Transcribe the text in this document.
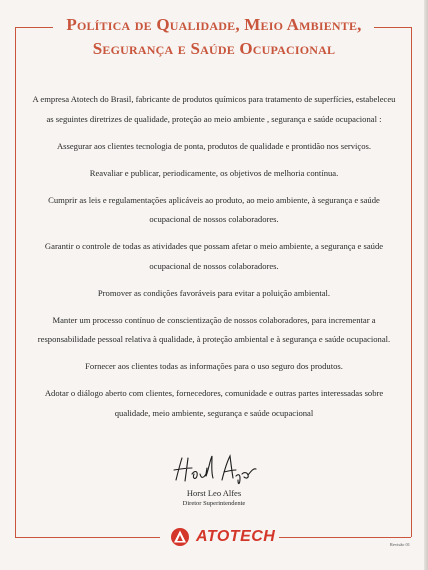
Política de Qualidade, Meio Ambiente,
Segurança e Saúde Ocupacional

A empresa Atotech do Brasil, fabricante de produtos químicos para tratamento de superfícies, estabeleceu as seguintes diretrizes de qualidade, proteção ao meio ambiente , segurança e saúde ocupacional :

Assegurar aos clientes tecnologia de ponta, produtos de qualidade e prontidão nos serviços.

Reavaliar e publicar, periodicamente, os objetivos de melhoria contínua.

Cumprir as leis e regulamentações aplicáveis ao produto, ao meio ambiente, à segurança e saúde ocupacional de nossos colaboradores.

Garantir o controle de todas as atividades que possam afetar o meio ambiente, a segurança e saúde ocupacional de nossos colaboradores.

Promover as condições favoráveis para evitar a poluição ambiental.

Manter um processo contínuo de conscientização de nossos colaboradores, para incrementar a responsabilidade pessoal relativa à qualidade, à proteção ambiental e à segurança e saúde ocupacional.

Fornecer aos clientes todas as informações para o uso seguro dos produtos.

Adotar o diálogo aberto com clientes, fornecedores, comunidade e outras partes interessadas sobre qualidade, meio ambiente, segurança e saúde ocupacional

Horst Leo Alfes
Diretor Superintendente
ATOTECH	Revisão 01
